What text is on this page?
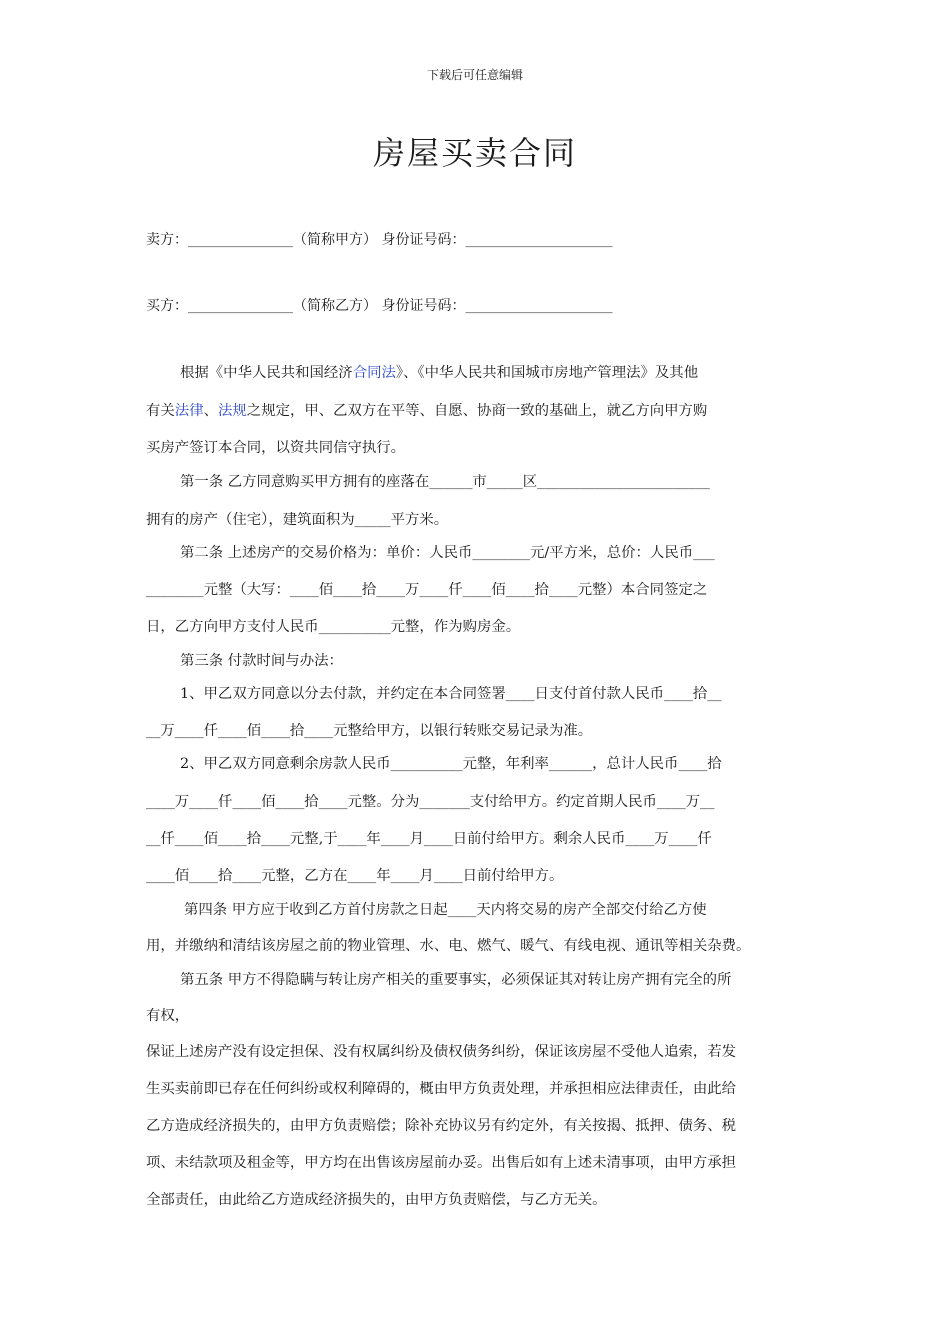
下载后可任意编辑
房屋买卖合同
卖方：_______________（简称甲方） 身份证号码：_____________________
买方：_______________（简称乙方） 身份证号码：_____________________
根据《中华人民共和国经济合同法》、《中华人民共和国城市房地产管理法》及其他
有关法律、法规之规定，甲、乙双方在平等、自愿、协商一致的基础上，就乙方向甲方购
买房产签订本合同，以资共同信守执行。
第一条 乙方同意购买甲方拥有的座落在______市_____区________________________
拥有的房产（住宅），建筑面积为_____平方米。
第二条 上述房产的交易价格为：单价：人民币________元/平方米，总价：人民币___
________元整（大写：____佰____拾____万____仟____佰____拾____元整）本合同签定之
日，乙方向甲方支付人民币__________元整，作为购房金。
第三条 付款时间与办法：
1、甲乙双方同意以分去付款，并约定在本合同签署____日支付首付款人民币____拾__
__万____仟____佰____拾____元整给甲方，以银行转账交易记录为准。
2、甲乙双方同意剩余房款人民币__________元整，年利率______，总计人民币____拾
____万____仟____佰____拾____元整。分为_______支付给甲方。约定首期人民币____万__
__仟____佰____拾____元整,于____年____月____日前付给甲方。剩余人民币____万____仟
____佰____拾____元整，乙方在____年____月____日前付给甲方。
第四条 甲方应于收到乙方首付房款之日起____天内将交易的房产全部交付给乙方使
用，并缴纳和清结该房屋之前的物业管理、水、电、燃气、暖气、有线电视、通讯等相关杂费。
第五条 甲方不得隐瞒与转让房产相关的重要事实，必须保证其对转让房产拥有完全的所
有权，
保证上述房产没有设定担保、没有权属纠纷及债权债务纠纷，保证该房屋不受他人追索，若发
生买卖前即已存在任何纠纷或权利障碍的，概由甲方负责处理，并承担相应法律责任，由此给
乙方造成经济损失的，由甲方负责赔偿；除补充协议另有约定外，有关按揭、抵押、债务、税
项、未结款项及租金等，甲方均在出售该房屋前办妥。出售后如有上述未清事项，由甲方承担
全部责任，由此给乙方造成经济损失的，由甲方负责赔偿，与乙方无关。
